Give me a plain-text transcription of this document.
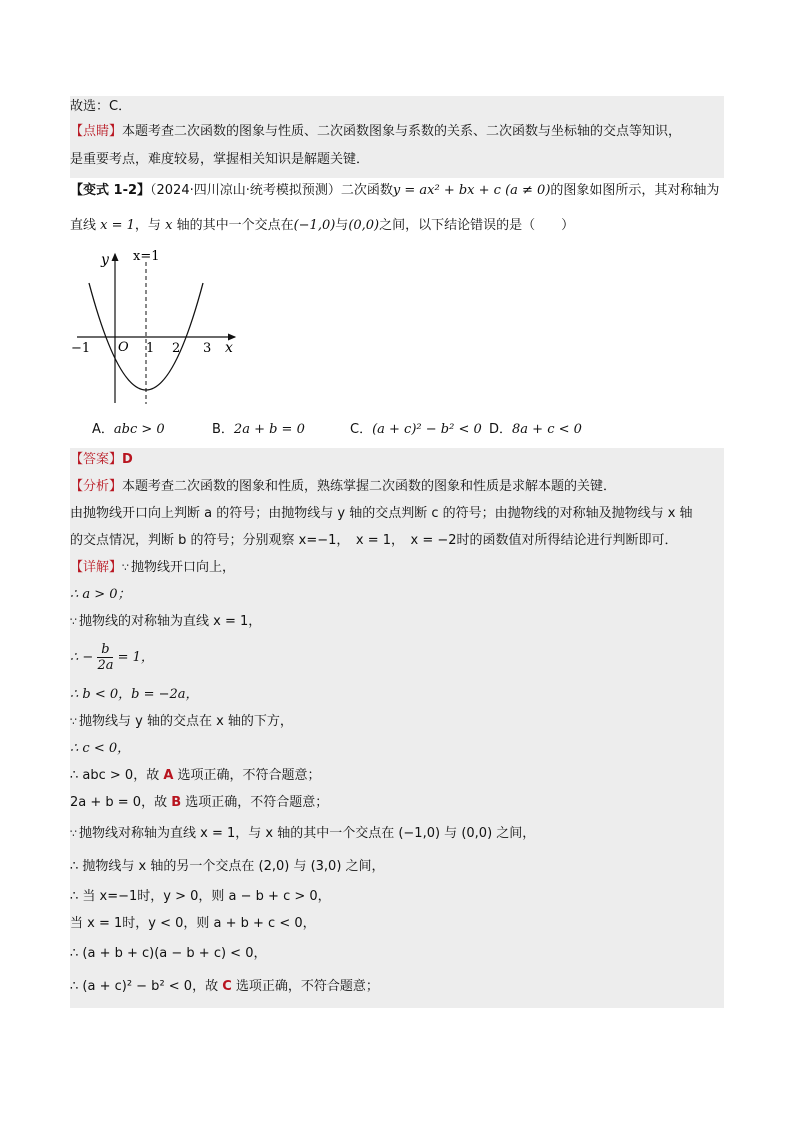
故选：C．
【点睛】本题考查二次函数的图象与性质、二次函数图象与系数的关系、二次函数与坐标轴的交点等知识，
是重要考点，难度较易，掌握相关知识是解题关键．
【变式 1-2】（2024·四川凉山·统考模拟预测）二次函数y = ax² + bx + c (a ≠ 0)的图象如图所示，其对称轴为
直线 x = 1，与 x 轴的其中一个交点在(−1,0)与(0,0)之间，以下结论错误的是（　　）
y
x
O
x=1
−1	1 2 3
A．abc > 0	B．2a + b = 0	C．(a + c)² − b² < 0 D．8a + c < 0
【答案】D
【分析】本题考查二次函数的图象和性质，熟练掌握二次函数的图象和性质是求解本题的关键．
由抛物线开口向上判断 a 的符号；由抛物线与 y 轴的交点判断 c 的符号；由抛物线的对称轴及抛物线与 x 轴
的交点情况，判断 b 的符号；分别观察 x=−1，　x = 1，　x = −2时的函数值对所得结论进行判断即可．
【详解】∵ 抛物线开口向上，
∴ a > 0；
∵ 抛物线的对称轴为直线 x = 1，
∴ − $\frac{b}{2a} = 1$，
∴ b < 0，b = −2a，
∵ 抛物线与 y 轴的交点在 x 轴的下方，
∴ c < 0，
∴ abc > 0，故 A 选项正确，不符合题意；
2a + b = 0，故 B 选项正确，不符合题意；
∵ 抛物线对称轴为直线 x = 1，与 x 轴的其中一个交点在 (−1,0) 与 (0,0) 之间，
∴ 抛物线与 x 轴的另一个交点在 (2,0) 与 (3,0) 之间，
∴ 当 x=−1时，y > 0，则 a − b + c > 0，
当 x = 1时，y < 0，则 a + b + c < 0，
∴ (a + b + c)(a − b + c) < 0，
∴ (a + c)² − b² < 0，故 C 选项正确，不符合题意；
